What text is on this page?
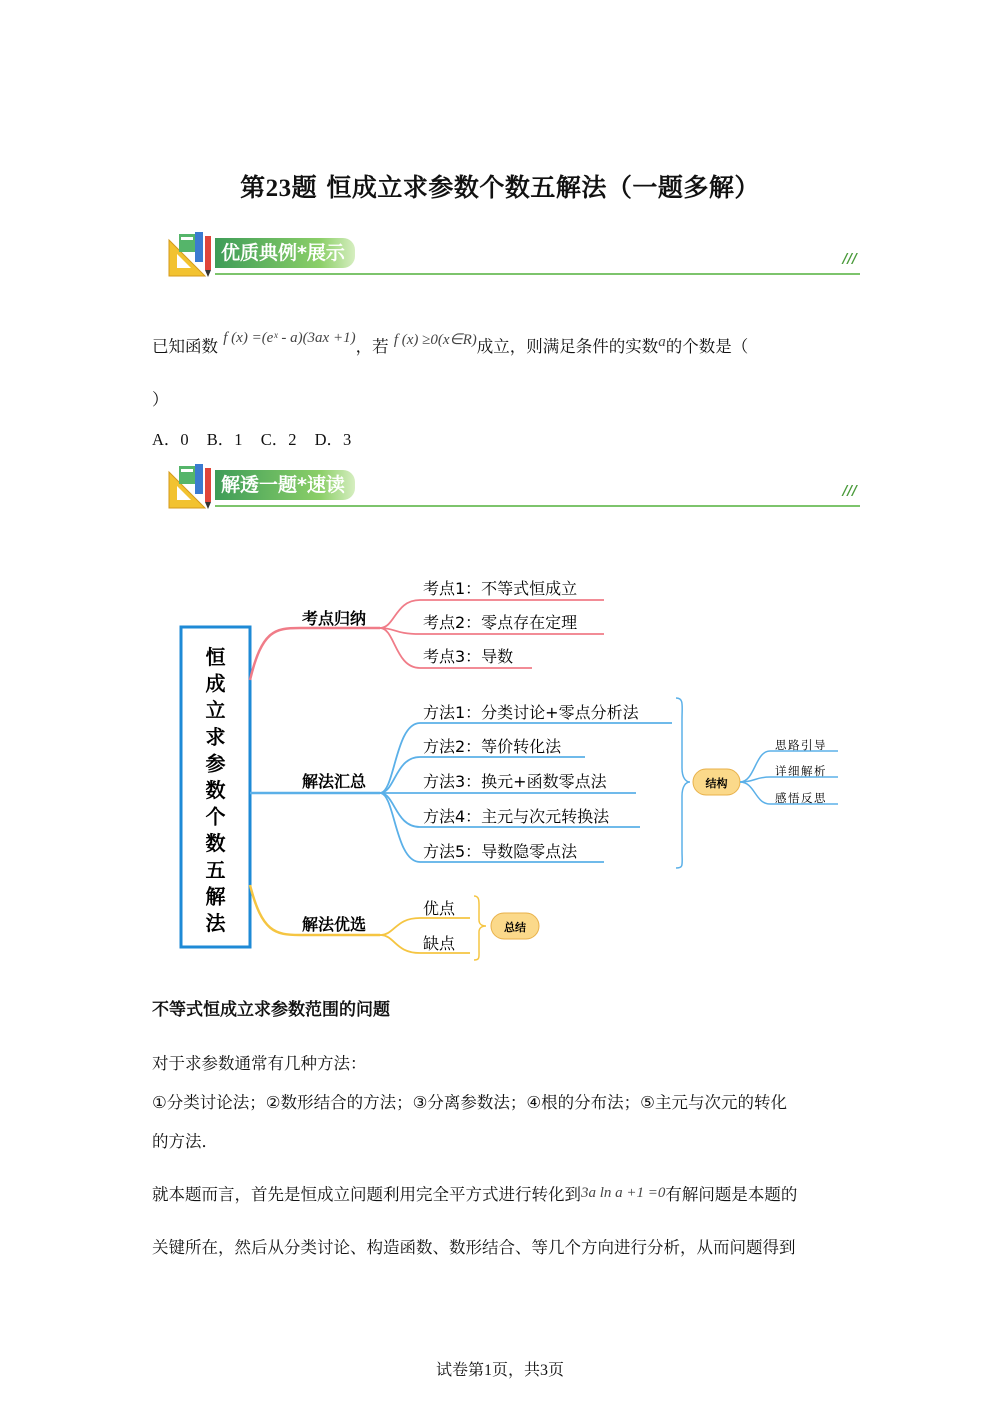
第23题 恒成立求参数个数五解法（一题多解）
优质典例*展示	///
已知函数 f (x) =(eˣ - a)(3ax +1)，若 f (x) ≥0(x∈R)成立，则满足条件的实数a的个数是（
）
A．0 B．1 C．2 D．3
解透一题*速读	///
恒
成
立
求
参
数
个
数
五
解
法
考点归纳
解法汇总
解法优选
考点1：不等式恒成立
考点2：零点存在定理
考点3：导数
方法1：分类讨论+零点分析法
方法2：等价转化法
方法3：换元+函数零点法
方法4：主元与次元转换法
方法5：导数隐零点法
结构
思路引导
详细解析
感悟反思
优点
缺点
总结
不等式恒成立求参数范围的问题
对于求参数通常有几种方法：
①分类讨论法；②数形结合的方法；③分离参数法；④根的分布法；⑤主元与次元的转化
的方法．
就本题而言，首先是恒成立问题利用完全平方式进行转化到3a ln a +1 =0有解问题是本题的
关键所在，然后从分类讨论、构造函数、数形结合、等几个方向进行分析，从而问题得到
试卷第1页，共3页
